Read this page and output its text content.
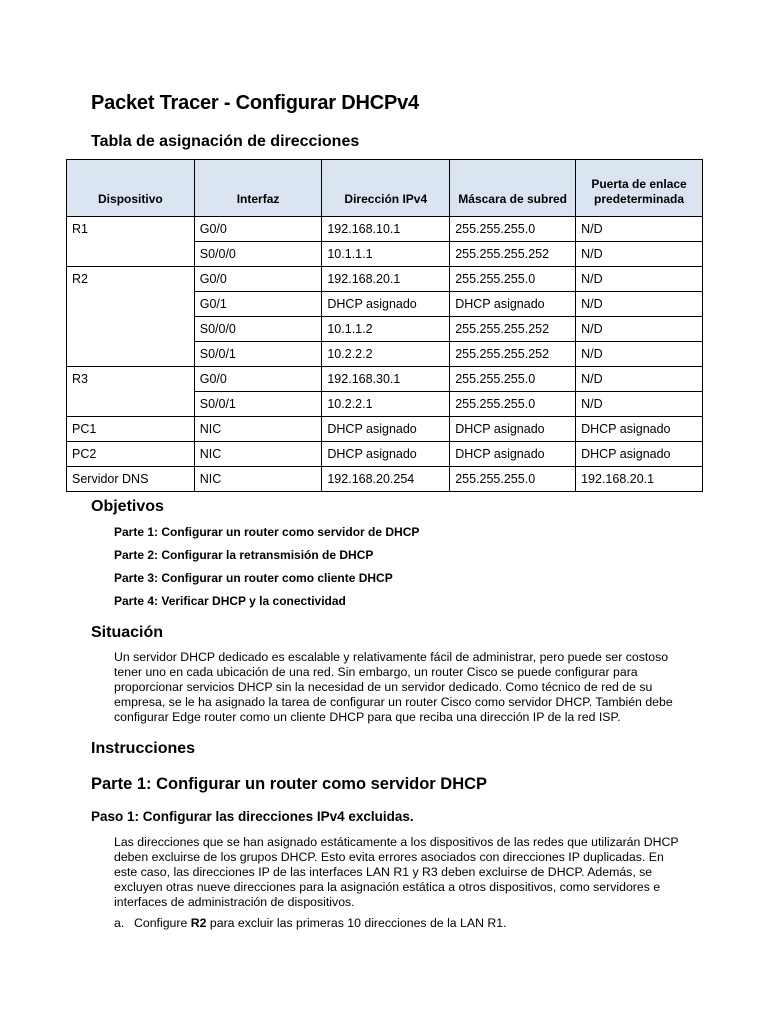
Packet Tracer - Configurar DHCPv4
Tabla de asignación de direcciones
Dispositivo	Interfaz	Dirección IPv4	Máscara de subred	Puerta de enlace predeterminada
R1	G0/0	192.168.10.1	255.255.255.0	N/D
	S0/0/0	10.1.1.1	255.255.255.252	N/D
R2	G0/0	192.168.20.1	255.255.255.0	N/D
	G0/1	DHCP asignado	DHCP asignado	N/D
	S0/0/0	10.1.1.2	255.255.255.252	N/D
	S0/0/1	10.2.2.2	255.255.255.252	N/D
R3	G0/0	192.168.30.1	255.255.255.0	N/D
	S0/0/1	10.2.2.1	255.255.255.0	N/D
PC1	NIC	DHCP asignado	DHCP asignado	DHCP asignado
PC2	NIC	DHCP asignado	DHCP asignado	DHCP asignado
Servidor DNS	NIC	192.168.20.254	255.255.255.0	192.168.20.1
Objetivos
Parte 1: Configurar un router como servidor de DHCP
Parte 2: Configurar la retransmisión de DHCP
Parte 3: Configurar un router como cliente DHCP
Parte 4: Verificar DHCP y la conectividad
Situación

Un servidor DHCP dedicado es escalable y relativamente fácil de administrar, pero puede ser costoso tener uno en cada ubicación de una red. Sin embargo, un router Cisco se puede configurar para proporcionar servicios DHCP sin la necesidad de un servidor dedicado. Como técnico de red de su empresa, se le ha asignado la tarea de configurar un router Cisco como servidor DHCP. También debe configurar Edge router como un cliente DHCP para que reciba una dirección IP de la red ISP.

Instrucciones
Parte 1: Configurar un router como servidor DHCP
Paso 1: Configurar las direcciones IPv4 excluidas.

Las direcciones que se han asignado estáticamente a los dispositivos de las redes que utilizarán DHCP deben excluirse de los grupos DHCP. Esto evita errores asociados con direcciones IP duplicadas. En este caso, las direcciones IP de las interfaces LAN R1 y R3 deben excluirse de DHCP. Además, se excluyen otras nueve direcciones para la asignación estática a otros dispositivos, como servidores e interfaces de administración de dispositivos.

a. Configure R2 para excluir las primeras 10 direcciones de la LAN R1.
